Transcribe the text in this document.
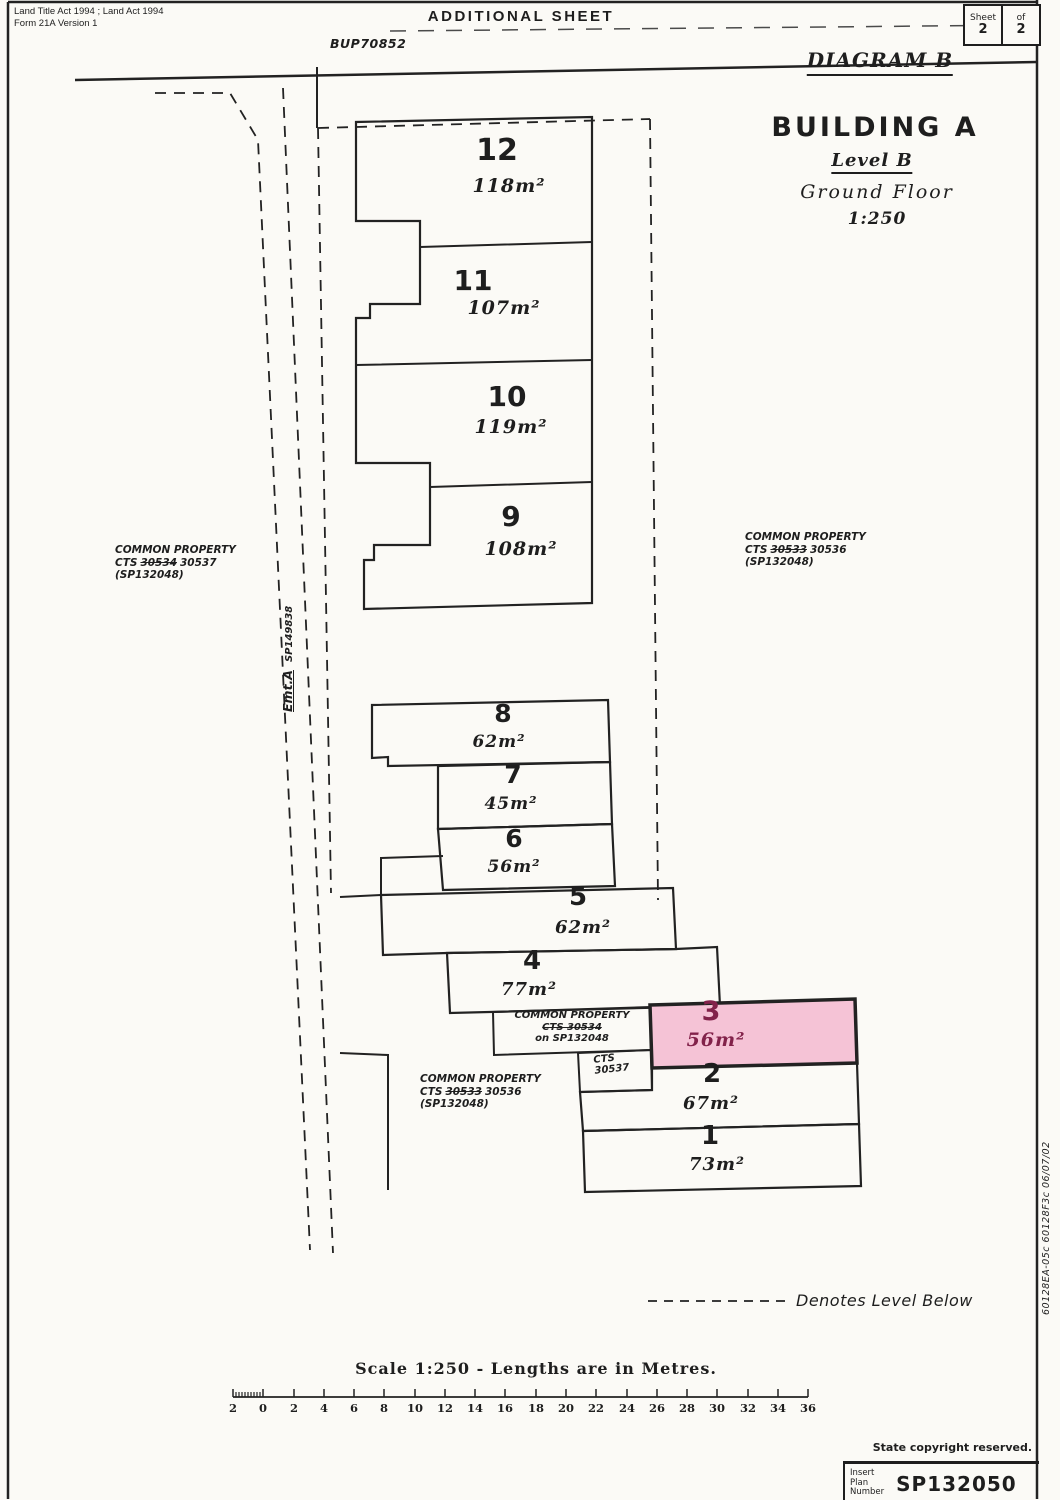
Land Title Act 1994 ; Land Act 1994
Form 21A Version 1	ADDITIONAL SHEET	Sheet
2
of
2
DIAGRAM B
BUILDING A
Level B
Ground Floor
1:250
BUP70852
Emt.ASP149838
COMMON PROPERTY
CTS 30534 30537
(SP132048)
COMMON PROPERTY
CTS 30533 30536
(SP132048)
COMMON PROPERTY
CTS 30534
on SP132048
CTS
30537
COMMON PROPERTY
CTS 30533 30536
(SP132048)
12
118m²
11
107m²
10
119m²
9
108m²
8
62m²
7
45m²
6
56m²
5
62m²
4
77m²
3
56m²
2
67m²
1
73m²
Denotes Level Below
Scale 1:250 - Lengths are in Metres.
2 0 2 4 6 8 10 12 14 16 18 20 22 24 26 28 30 32 34 36
State copyright reserved.
Insert
Plan
Number SP132050
60128EA-05c 60128F3c 06/07/02
